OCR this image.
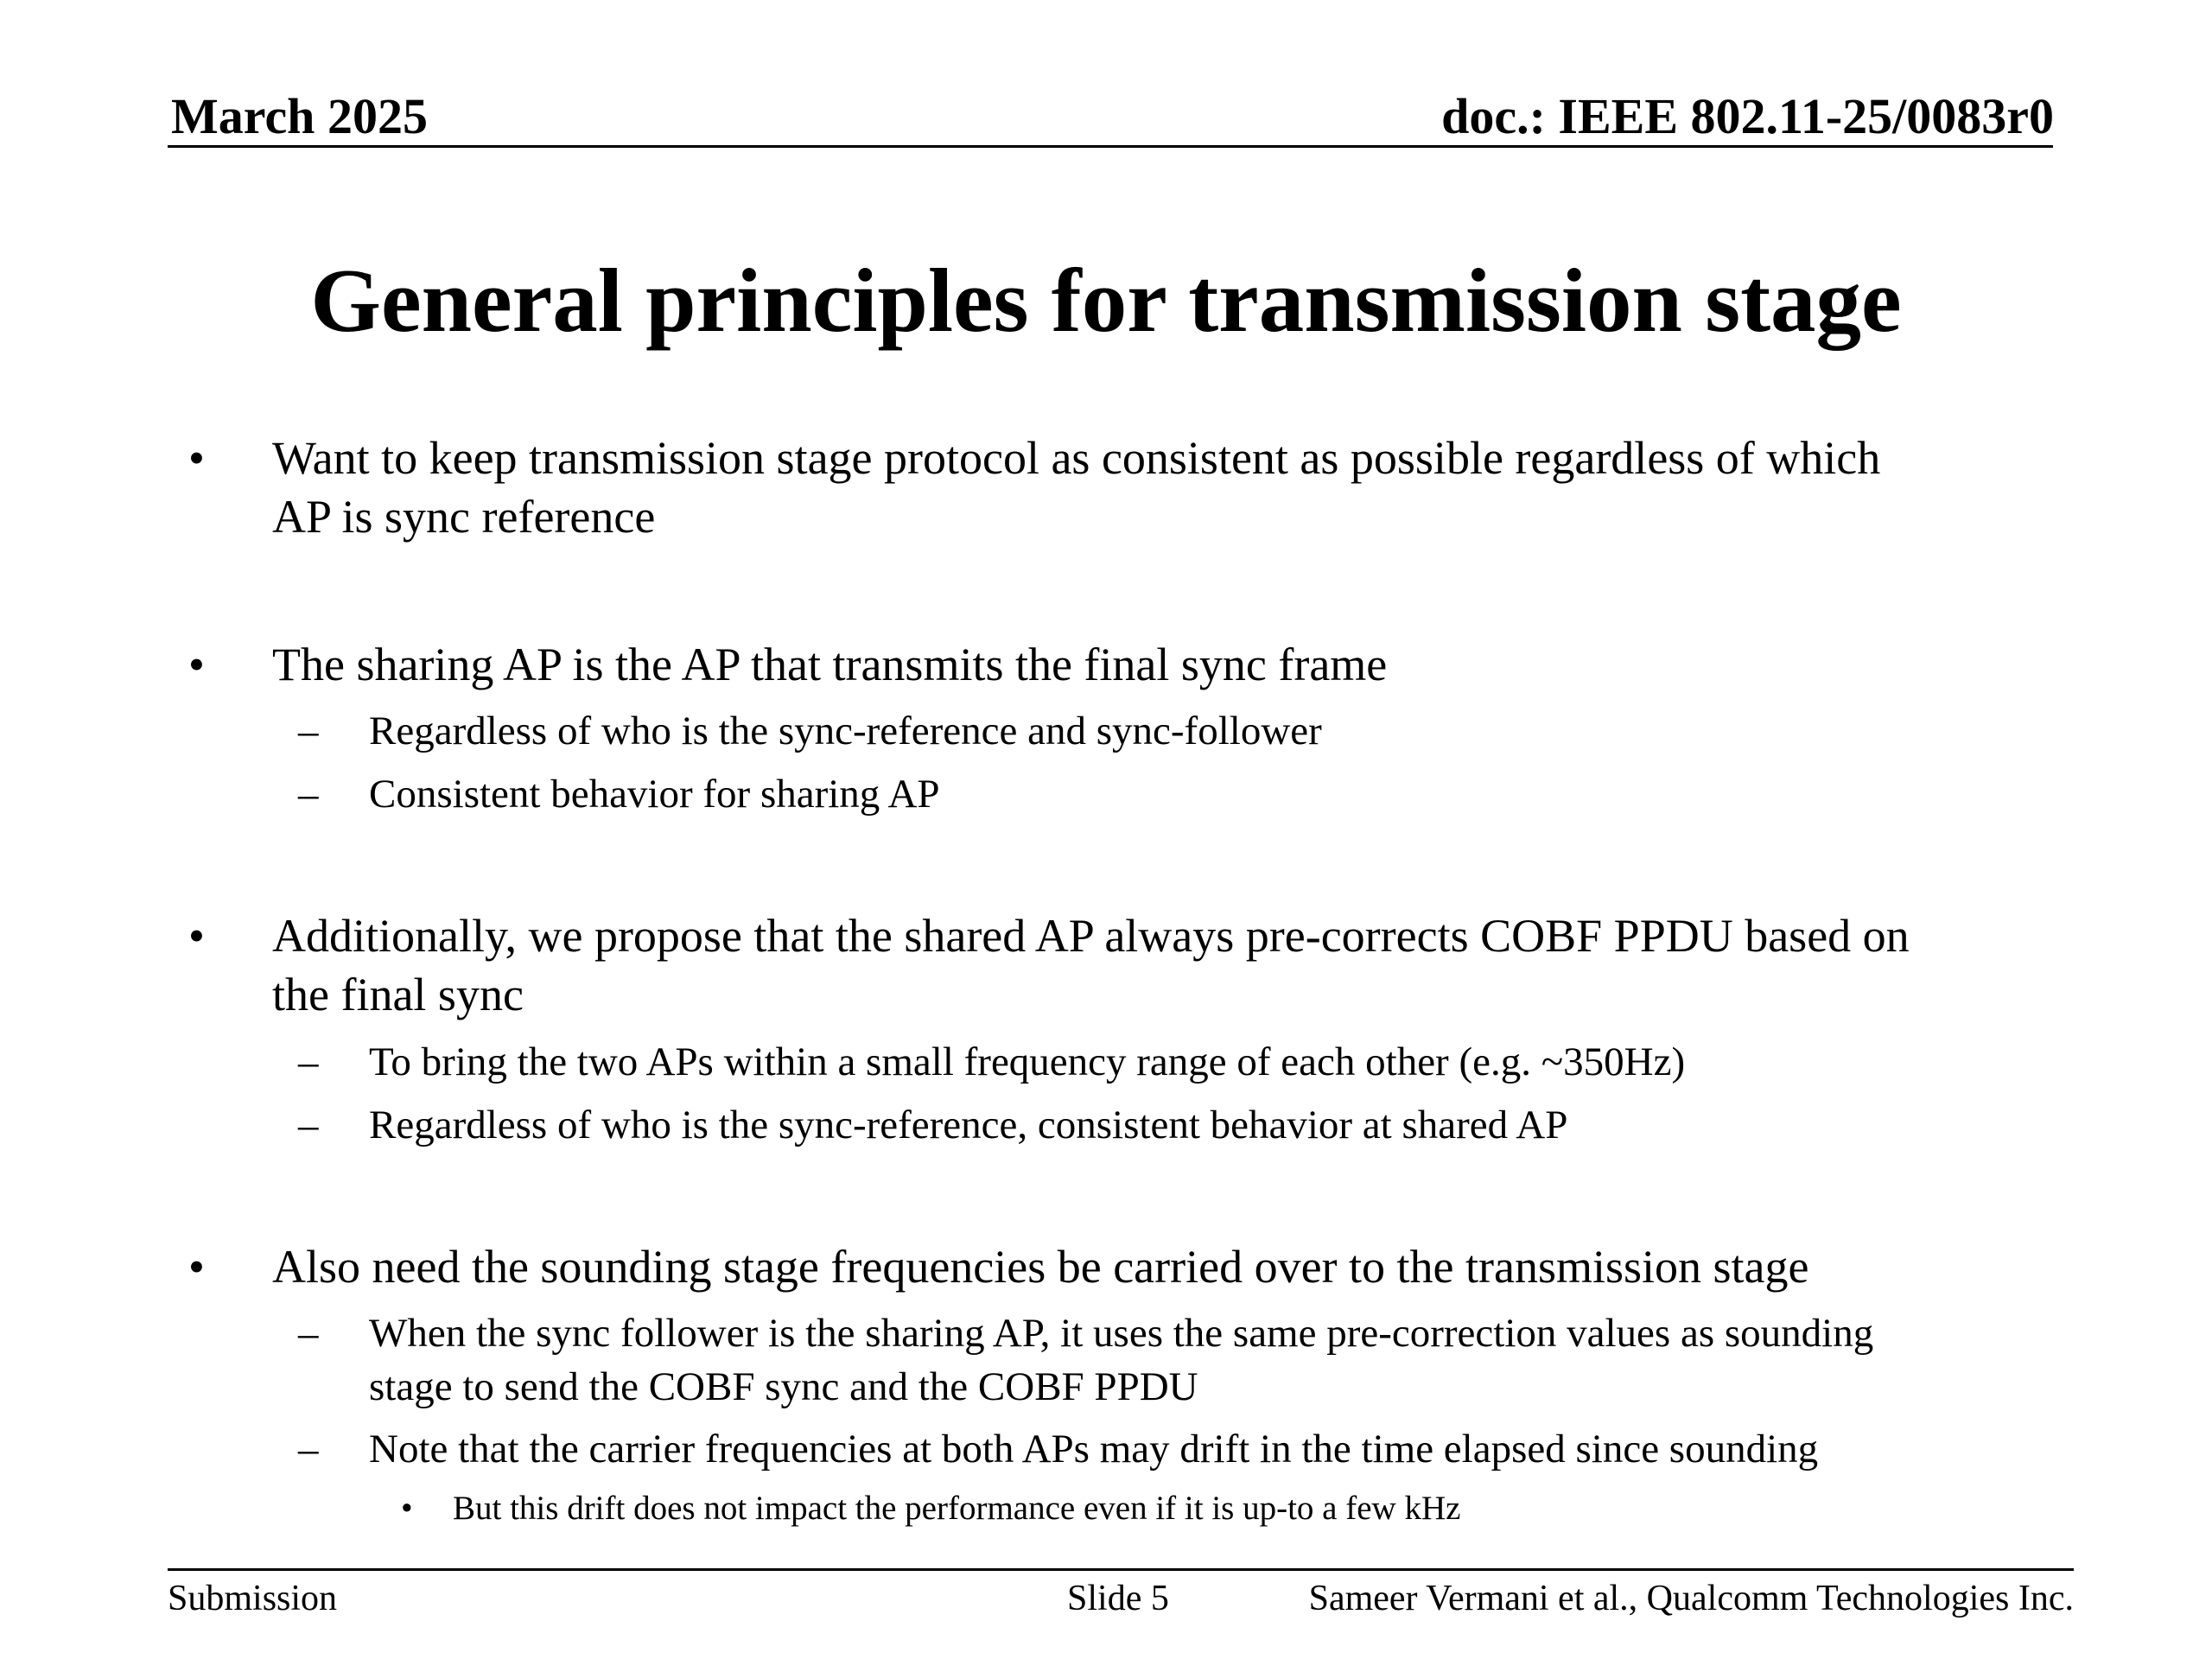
March 2025	doc.: IEEE 802.11-25/0083r0
General principles for transmission stage
• Want to keep transmission stage protocol as consistent as possible regardless of which
AP is sync reference
• The sharing AP is the AP that transmits the final sync frame
– Regardless of who is the sync-reference and sync-follower
– Consistent behavior for sharing AP
• Additionally, we propose that the shared AP always pre-corrects COBF PPDU based on
the final sync
– To bring the two APs within a small frequency range of each other (e.g. ~350Hz)
– Regardless of who is the sync-reference, consistent behavior at shared AP
• Also need the sounding stage frequencies be carried over to the transmission stage
– When the sync follower is the sharing AP, it uses the same pre-correction values as sounding
stage to send the COBF sync and the COBF PPDU
– Note that the carrier frequencies at both APs may drift in the time elapsed since sounding
• But this drift does not impact the performance even if it is up-to a few kHz
Submission	Slide 5	Sameer Vermani et al., Qualcomm Technologies Inc.
